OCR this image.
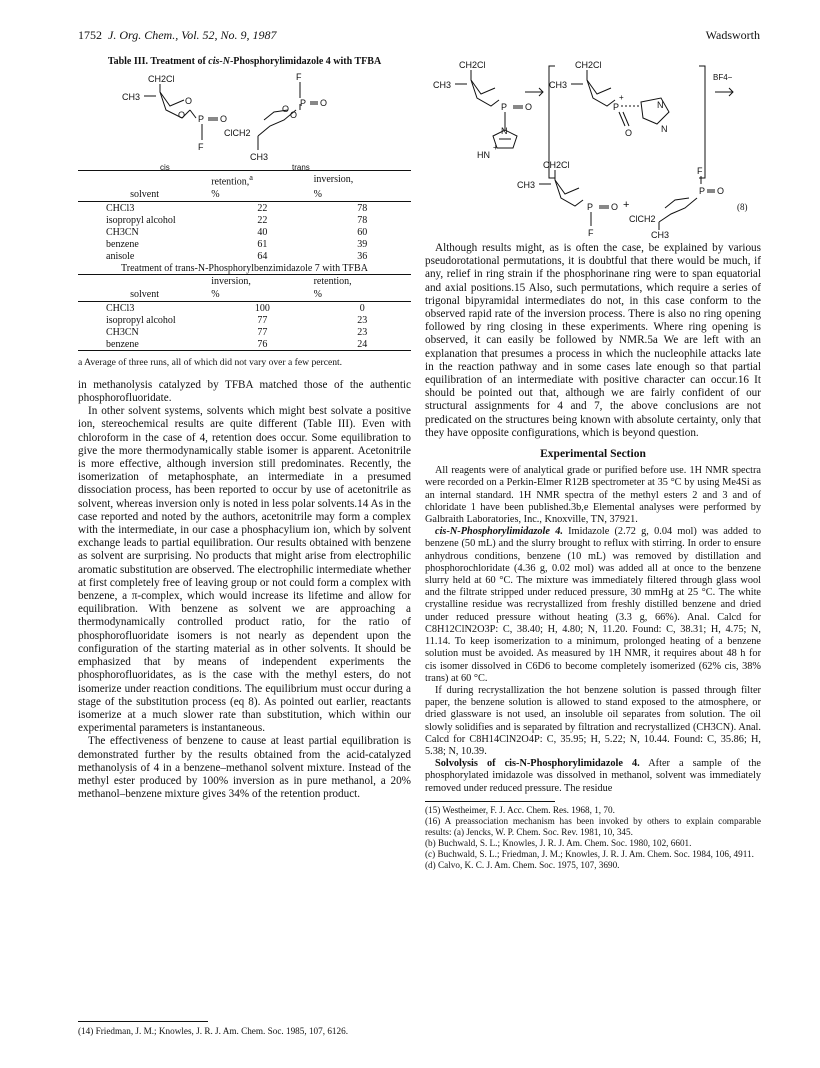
1752 J. Org. Chem., Vol. 52, No. 9, 1987	Wadsworth
Table III. Treatment of cis-N-Phosphorylimidazole 4 with TFBA
CH2Cl
CH3	O
O P O
F
F
P O
O
O
ClCH2
CH3
cis	trans

	retention,$^a$	inversion,
solvent	%	%

CHCl3	22	78
isopropyl alcohol	22	78
CH3CN	40	60
benzene	61	39
anisole	64	36
Treatment of trans-N-Phosphorylbenzimidazole 7 with TFBA		

	inversion,	retention,
solvent	%	%

CHCl3	100	0
isopropyl alcohol	77	23
CH3CN	77	23
benzene	76	24

a Average of three runs, all of which did not vary over a few percent.

in methanolysis catalyzed by TFBA matched those of the authentic phosphorofluoridate.

In other solvent systems, solvents which might best solvate a positive ion, stereochemical results are quite different (Table III). Even with chloroform in the case of 4, retention does occur. Some equilibration to give the more thermodynamically stable isomer is apparent. Acetonitrile is more effective, although inversion still predominates. Recently, the isomerization of metaphosphate, an intermediate in a presumed dissociation process, has been reported to occur by use of acetonitrile as solvent, whereas inversion only is noted in less polar solvents.14 As in the case reported and noted by the authors, acetonitrile may form a complex with the intermediate, in our case a phosphacylium ion, which by solvent exchange leads to partial equilibration. Our results obtained with benzene as solvent are surprising. No products that might arise from electrophilic aromatic substitution are observed. The electrophilic intermediate whether at first completely free of leaving group or not could form a complex with benzene, a π-complex, which would increase its lifetime and allow for equilibration. With benzene as solvent we are approaching a thermodynamically controlled product ratio, for the ratio of phosphorofluoridate isomers is not nearly as dependent upon the configuration of the starting material as in other solvents. It should be emphasized that by means of independent experiments the phosphorofluoridates, as is the case with the methyl esters, do not isomerize under reaction conditions. The equilibrium must occur during a stage of the substitution process (eq 8). As pointed out earlier, reactants isomerize at a much slower rate than substitution, which within our experimental parameters is instantaneous.

The effectiveness of benzene to cause at least partial equilibration is demonstrated further by the results obtained from the acid-catalyzed methanolysis of 4 in a benzene–methanol solvent mixture. Instead of the methyl ester produced by 100% inversion as in pure methanol, a 20% methanol–benzene mixture gives 34% of the retention product.

(14) Friedman, J. M.; Knowles, J. R. J. Am. Chem. Soc. 1985, 107, 6126.
CH2Cl
CH3
P O
N
HN
+
CH2Cl
CH3
P
+
N
N
O
BF4−
CH2Cl
CH3
P O
F
+
F
P O
ClCH2
CH3
(8)

Although results might, as is often the case, be explained by various pseudorotational permutations, it is doubtful that there would be much, if any, relief in ring strain if the phosphorinane ring were to span equatorial and axial positions.15 Also, such permutations, which require a series of trigonal bipyramidal intermediates do not, in this case conform to the observed rapid rate of the inversion process. There is also no ring opening followed by ring closing in these experiments. Where ring opening is observed, it can easily be followed by NMR.5a We are left with an explanation that presumes a process in which the nucleophile attacks late in the reaction pathway and in some cases late enough so that partial equilibration of an intermediate with positive character can occur.16 It should be pointed out that, although we are fairly confident of our structural assignments for 4 and 7, the above conclusions are not predicated on the structures being known with absolute certainty, only that they have opposite configurations, which is beyond question.

Experimental Section

All reagents were of analytical grade or purified before use. 1H NMR spectra were recorded on a Perkin-Elmer R12B spectrometer at 35 °C by using Me4Si as an internal standard. 1H NMR spectra of the methyl esters 2 and 3 and of chloridate 1 have been published.3b,e Elemental analyses were performed by Galbraith Laboratories, Inc., Knoxville, TN, 37921.

cis-N-Phosphorylimidazole 4. Imidazole (2.72 g, 0.04 mol) was added to benzene (50 mL) and the slurry brought to reflux with stirring. In order to ensure anhydrous conditions, benzene (10 mL) was removed by distillation and phosphorochloridate (4.36 g, 0.02 mol) was added all at once to the benzene slurry held at 60 °C. The mixture was immediately filtered through glass wool and the filtrate stripped under reduced pressure, 30 mmHg at 25 °C. The white crystalline residue was recrystallized from freshly distilled benzene and dried under reduced pressure without heating (3.3 g, 66%). Anal. Calcd for C8H12ClN2O3P: C, 38.40; H, 4.80; N, 11.20. Found: C, 38.31; H, 4.75; N, 11.14. To keep isomerization to a minimum, prolonged heating of a benzene solution must be avoided. As measured by 1H NMR, it requires about 48 h for cis isomer dissolved in C6D6 to become completely isomerized (62% cis, 38% trans) at 60 °C.

If during recrystallization the hot benzene solution is passed through filter paper, the benzene solution is allowed to stand exposed to the atmosphere, or dried glassware is not used, an insoluble oil separates from solution. The oil slowly solidifies and is separated by filtration and recrystallized (CH3CN). Anal. Calcd for C8H14ClN2O4P: C, 35.95; H, 5.22; N, 10.44. Found: C, 35.86; H, 5.38; N, 10.39.

Solvolysis of cis-N-Phosphorylimidazole 4. After a sample of the phosphorylated imidazole was dissolved in methanol, solvent was immediately removed under reduced pressure. The residue

(15) Westheimer, F. J. Acc. Chem. Res. 1968, 1, 70.
(16) A preassociation mechanism has been invoked by others to explain comparable results: (a) Jencks, W. P. Chem. Soc. Rev. 1981, 10, 345.
(b) Buchwald, S. L.; Knowles, J. R. J. Am. Chem. Soc. 1980, 102, 6601.
(c) Buchwald, S. L.; Friedman, J. M.; Knowles, J. R. J. Am. Chem. Soc. 1984, 106, 4911.
(d) Calvo, K. C. J. Am. Chem. Soc. 1975, 107, 3690.
